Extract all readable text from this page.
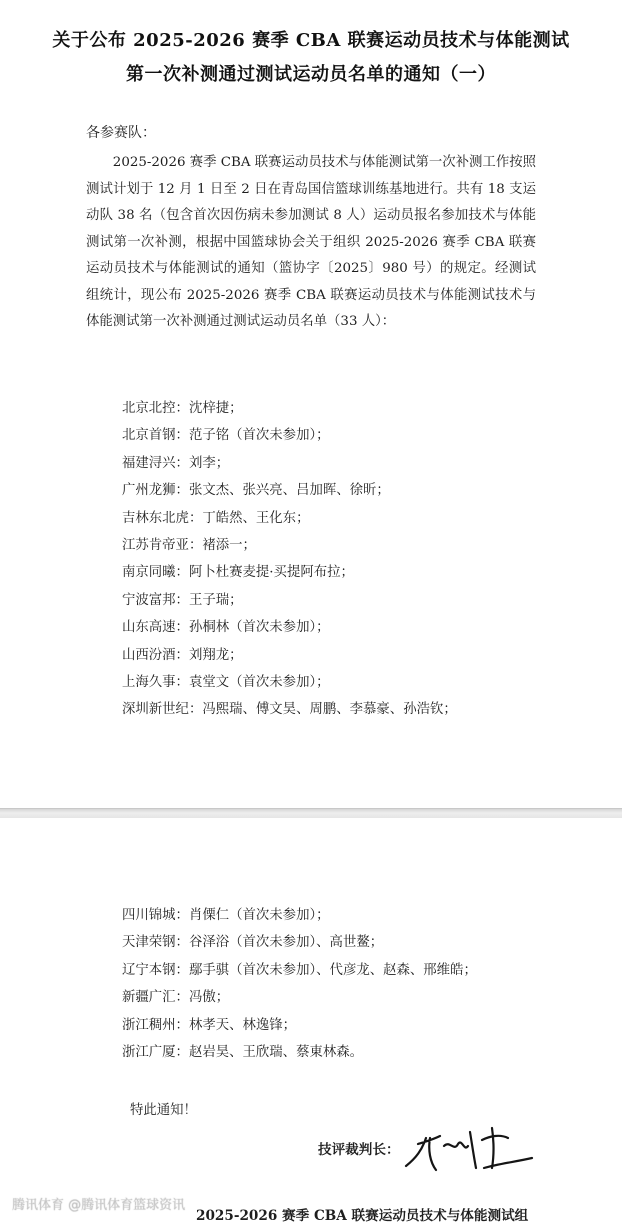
关于公布 2025-2026 赛季 CBA 联赛运动员技术与体能测试
第一次补测通过测试运动员名单的通知（一）
各参赛队：
2025-2026 赛季 CBA 联赛运动员技术与体能测试第一次补测工作按照测试计划于 12 月 1 日至 2 日在青岛国信篮球训练基地进行。共有 18 支运动队 38 名（包含首次因伤病未参加测试 8 人）运动员报名参加技术与体能测试第一次补测，根据中国篮球协会关于组织 2025-2026 赛季 CBA 联赛运动员技术与体能测试的通知（篮协字〔2025〕980 号）的规定。经测试组统计，现公布 2025-2026 赛季 CBA 联赛运动员技术与体能测试技术与体能测试第一次补测通过测试运动员名单（33 人）：
北京北控：沈梓捷；
北京首钢：范子铭（首次未参加）；
福建浔兴：刘李；
广州龙狮：张文杰、张兴亮、吕加晖、徐昕；
吉林东北虎：丁皓然、王化东；
江苏肯帝亚：褚添一；
南京同曦：阿卜杜赛麦提·买提阿布拉；
宁波富邦：王子瑞；
山东高速：孙桐林（首次未参加）；
山西汾酒：刘翔龙；
上海久事：袁堂文（首次未参加）；
深圳新世纪：冯熙瑞、傅文昊、周鹏、李慕豪、孙浩钦；
四川锦城：肖傈仁（首次未参加）；
天津荣钢：谷泽浴（首次未参加）、高世鳌；
辽宁本钢：鄢手骐（首次未参加）、代彦龙、赵森、邢维皓；
新疆广汇：冯傲；
浙江稠州：林孝天、林逸锋；
浙江广厦：赵岩昊、王欣瑞、蔡東林森。
特此通知！
技评裁判长：
2025-2026 赛季 CBA 联赛运动员技术与体能测试组
腾讯体育 @腾讯体育篮球资讯
